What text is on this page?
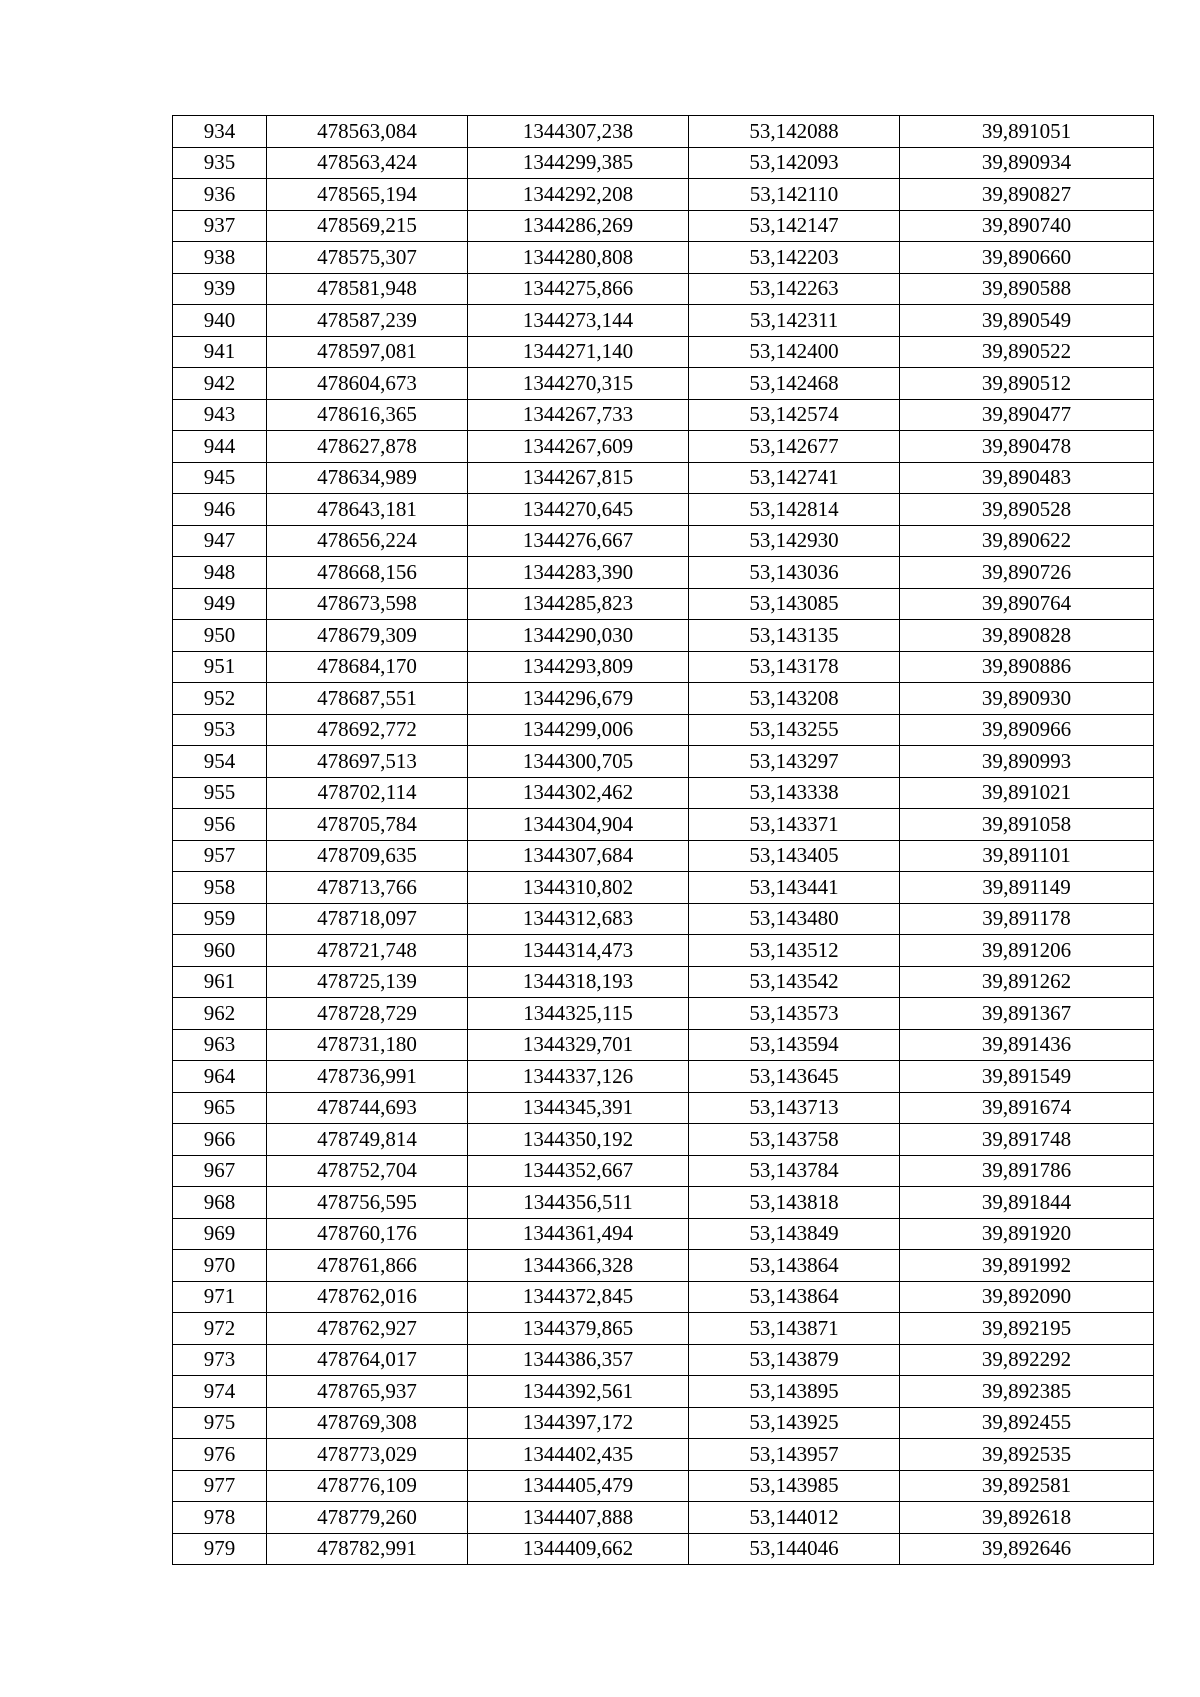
934	478563,084	1344307,238	53,142088	39,891051
935	478563,424	1344299,385	53,142093	39,890934
936	478565,194	1344292,208	53,142110	39,890827
937	478569,215	1344286,269	53,142147	39,890740
938	478575,307	1344280,808	53,142203	39,890660
939	478581,948	1344275,866	53,142263	39,890588
940	478587,239	1344273,144	53,142311	39,890549
941	478597,081	1344271,140	53,142400	39,890522
942	478604,673	1344270,315	53,142468	39,890512
943	478616,365	1344267,733	53,142574	39,890477
944	478627,878	1344267,609	53,142677	39,890478
945	478634,989	1344267,815	53,142741	39,890483
946	478643,181	1344270,645	53,142814	39,890528
947	478656,224	1344276,667	53,142930	39,890622
948	478668,156	1344283,390	53,143036	39,890726
949	478673,598	1344285,823	53,143085	39,890764
950	478679,309	1344290,030	53,143135	39,890828
951	478684,170	1344293,809	53,143178	39,890886
952	478687,551	1344296,679	53,143208	39,890930
953	478692,772	1344299,006	53,143255	39,890966
954	478697,513	1344300,705	53,143297	39,890993
955	478702,114	1344302,462	53,143338	39,891021
956	478705,784	1344304,904	53,143371	39,891058
957	478709,635	1344307,684	53,143405	39,891101
958	478713,766	1344310,802	53,143441	39,891149
959	478718,097	1344312,683	53,143480	39,891178
960	478721,748	1344314,473	53,143512	39,891206
961	478725,139	1344318,193	53,143542	39,891262
962	478728,729	1344325,115	53,143573	39,891367
963	478731,180	1344329,701	53,143594	39,891436
964	478736,991	1344337,126	53,143645	39,891549
965	478744,693	1344345,391	53,143713	39,891674
966	478749,814	1344350,192	53,143758	39,891748
967	478752,704	1344352,667	53,143784	39,891786
968	478756,595	1344356,511	53,143818	39,891844
969	478760,176	1344361,494	53,143849	39,891920
970	478761,866	1344366,328	53,143864	39,891992
971	478762,016	1344372,845	53,143864	39,892090
972	478762,927	1344379,865	53,143871	39,892195
973	478764,017	1344386,357	53,143879	39,892292
974	478765,937	1344392,561	53,143895	39,892385
975	478769,308	1344397,172	53,143925	39,892455
976	478773,029	1344402,435	53,143957	39,892535
977	478776,109	1344405,479	53,143985	39,892581
978	478779,260	1344407,888	53,144012	39,892618
979	478782,991	1344409,662	53,144046	39,892646
